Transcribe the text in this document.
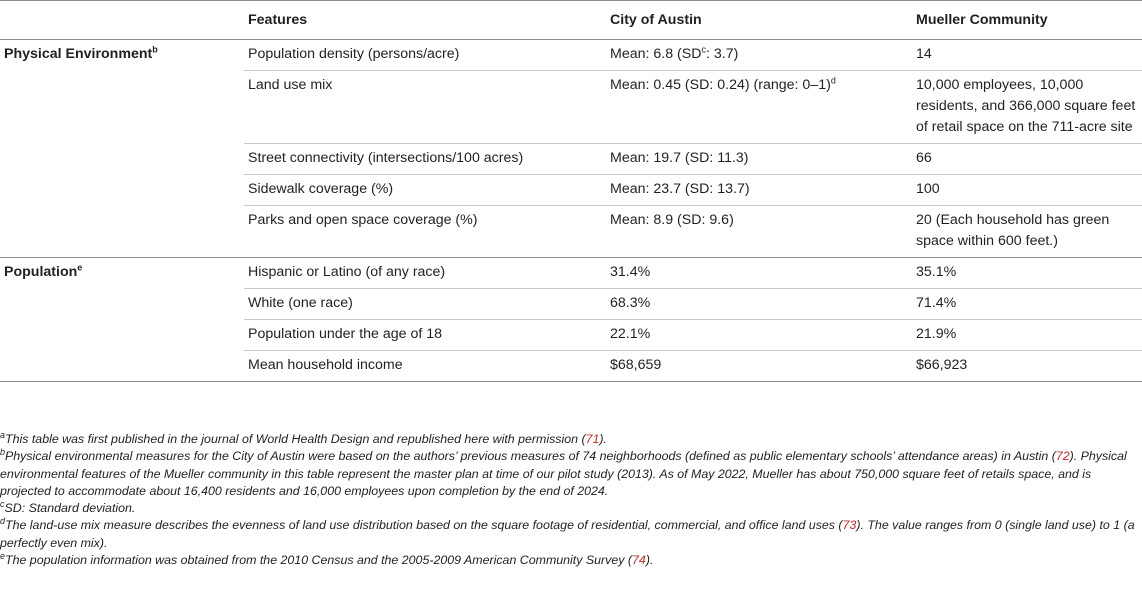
	Features	City of Austin	Mueller Community
Physical Environment$^b$	Population density (persons/acre)	Mean: 6.8 ($SD^c$: 3.7)	14
	Land use mix	Mean: 0.45 (SD: 0.24) (range: 0–1)$^d$	10,000 employees, 10,000 residents, and 366,000 square feet of retail space on the 711-acre site
	Street connectivity (intersections/100 acres)	Mean: 19.7 (SD: 11.3)	66
	Sidewalk coverage (%)	Mean: 23.7 (SD: 13.7)	100
	Parks and open space coverage (%)	Mean: 8.9 (SD: 9.6)	20 (Each household has green space within 600 feet.)
Population$^e$	Hispanic or Latino (of any race)	31.4%	35.1%
	White (one race)	68.3%	71.4%
	Population under the age of 18	22.1%	21.9%
	Mean household income	$68,659	$66,923

$^a$This table was first published in the journal of World Health Design and republished here with permission (71).

$^b$Physical environmental measures for the City of Austin were based on the authors’ previous measures of 74 neighborhoods (defined as public elementary schools’ attendance areas) in Austin (72). Physical environmental features of the Mueller community in this table represent the master plan at time of our pilot study (2013). As of May 2022, Mueller has about 750,000 square feet of retails space, and is projected to accommodate about 16,400 residents and 16,000 employees upon completion by the end of 2024.

$^c$SD: Standard deviation.

$^d$The land-use mix measure describes the evenness of land use distribution based on the square footage of residential, commercial, and office land uses (73). The value ranges from 0 (single land use) to 1 (a perfectly even mix).

$^e$The population information was obtained from the 2010 Census and the 2005-2009 American Community Survey (74).
